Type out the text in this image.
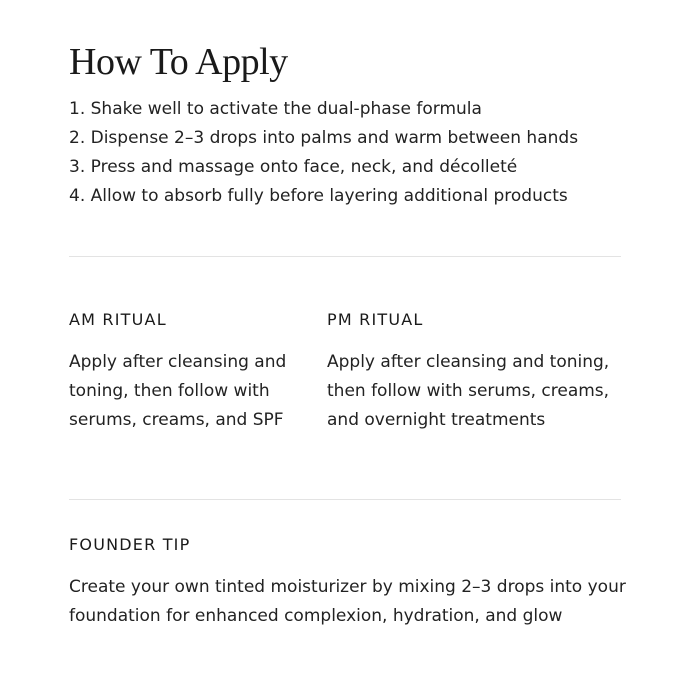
How To Apply
1. Shake well to activate the dual-phase formula
2. Dispense 2–3 drops into palms and warm between hands
3. Press and massage onto face, neck, and décolleté
4. Allow to absorb fully before layering additional products
AM RITUAL

Apply after cleansing and toning, then follow with serums, creams, and SPF

PM RITUAL

Apply after cleansing and toning, then follow with serums, creams, and overnight treatments

FOUNDER TIP

Create your own tinted moisturizer by mixing 2–3 drops into your foundation for enhanced complexion, hydration, and glow
